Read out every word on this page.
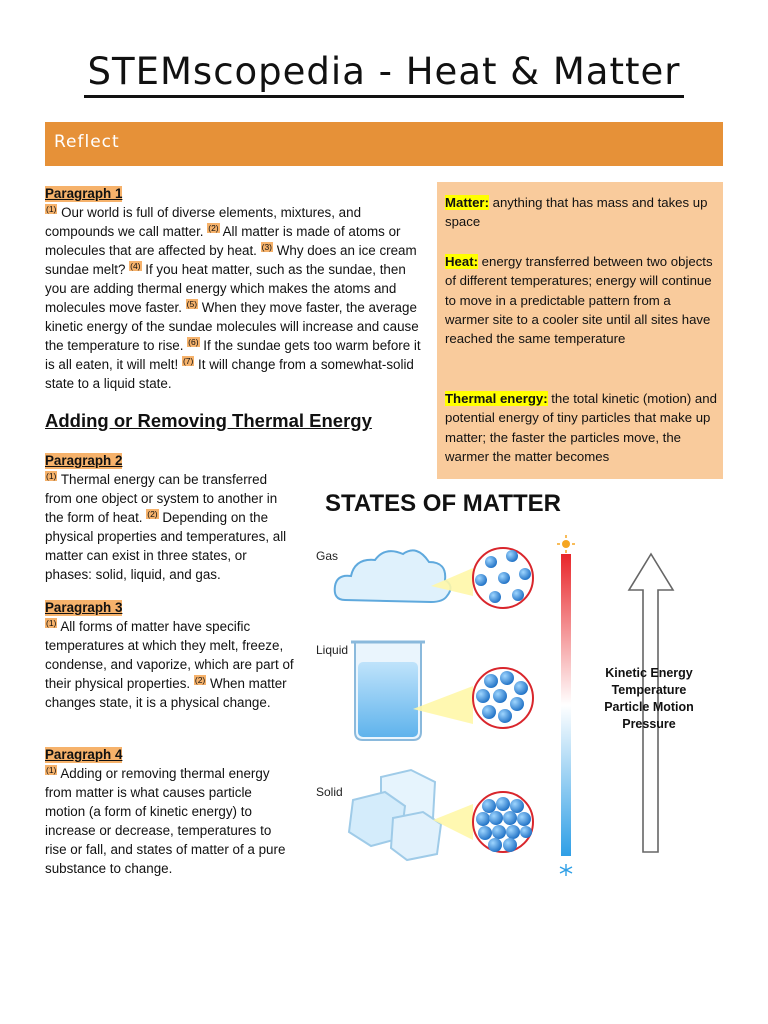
STEMscopedia - Heat & Matter
Reflect
Paragraph 1
(1) Our world is full of diverse elements, mixtures, and compounds we call matter. (2) All matter is made of atoms or molecules that are affected by heat. (3) Why does an ice cream sundae melt? (4) If you heat matter, such as the sundae, then you are adding thermal energy which makes the atoms and molecules move faster. (5) When they move faster, the average kinetic energy of the sundae molecules will increase and cause the temperature to rise. (6) If the sundae gets too warm before it is all eaten, it will melt! (7) It will change from a somewhat-solid state to a liquid state.
Adding or Removing Thermal Energy
Paragraph 2
(1) Thermal energy can be transferred from one object or system to another in the form of heat. (2) Depending on the physical properties and temperatures, all matter can exist in three states, or phases: solid, liquid, and gas.
Paragraph 3
(1) All forms of matter have specific temperatures at which they melt, freeze, condense, and vaporize, which are part of their physical properties. (2) When matter changes state, it is a physical change.
Paragraph 4
(1) Adding or removing thermal energy from matter is what causes particle motion (a form of kinetic energy) to increase or decrease, temperatures to rise or fall, and states of matter of a pure substance to change.
Matter: anything that has mass and takes up space
Heat: energy transferred between two objects of different temperatures; energy will continue to move in a predictable pattern from a warmer site to a cooler site until all sites have reached the same temperature
Thermal energy: the total kinetic (motion) and potential energy of tiny particles that make up matter; the faster the particles move, the warmer the matter becomes
STATES OF MATTER
Gas
Liquid
Solid
Kinetic Energy
Temperature
Particle Motion
Pressure
